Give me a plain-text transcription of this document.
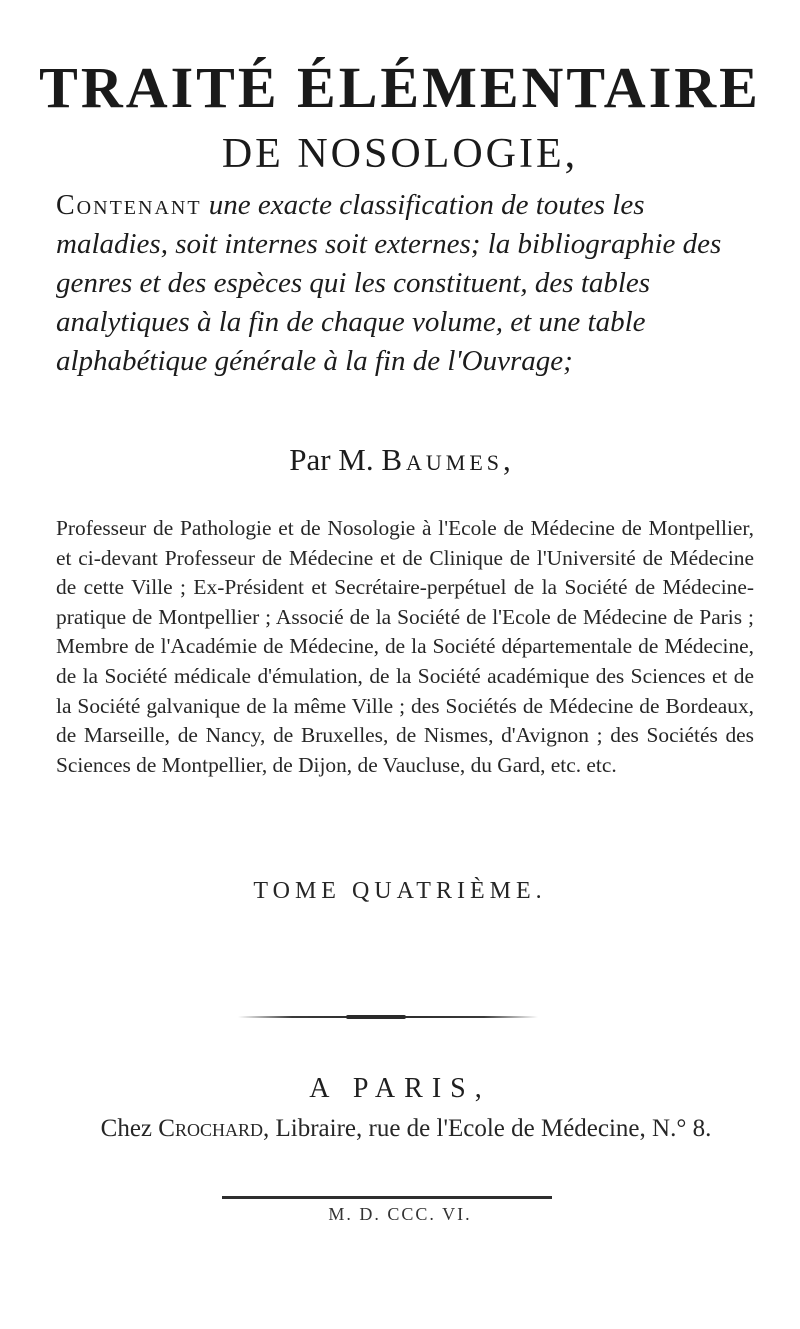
TRAITÉ ÉLÉMENTAIRE
DE NOSOLOGIE,
Contenant une exacte classification de toutes les maladies, soit internes soit externes; la bibliographie des genres et des espèces qui les constituent, des tables analytiques à la fin de chaque volume, et une table alphabétique générale à la fin de l'Ouvrage;
Par M. Baumes,
Professeur de Pathologie et de Nosologie à l'Ecole de Médecine de Montpellier, et ci-devant Professeur de Médecine et de Clinique de l'Université de Médecine de cette Ville ; Ex-Président et Secrétaire-perpétuel de la Société de Médecine-pratique de Montpellier ; Associé de la Société de l'Ecole de Médecine de Paris ; Membre de l'Académie de Médecine, de la Société départementale de Médecine, de la Société médicale d'émulation, de la Société académique des Sciences et de la Société galvanique de la même Ville ; des Sociétés de Médecine de Bordeaux, de Marseille, de Nancy, de Bruxelles, de Nismes, d'Avignon ; des Sociétés des Sciences de Montpellier, de Dijon, de Vaucluse, du Gard, etc. etc.
TOME QUATRIÈME.
A PARIS,
Chez Crochard, Libraire, rue de l'Ecole de Médecine, N.° 8.
M. D. CCC. VI.
